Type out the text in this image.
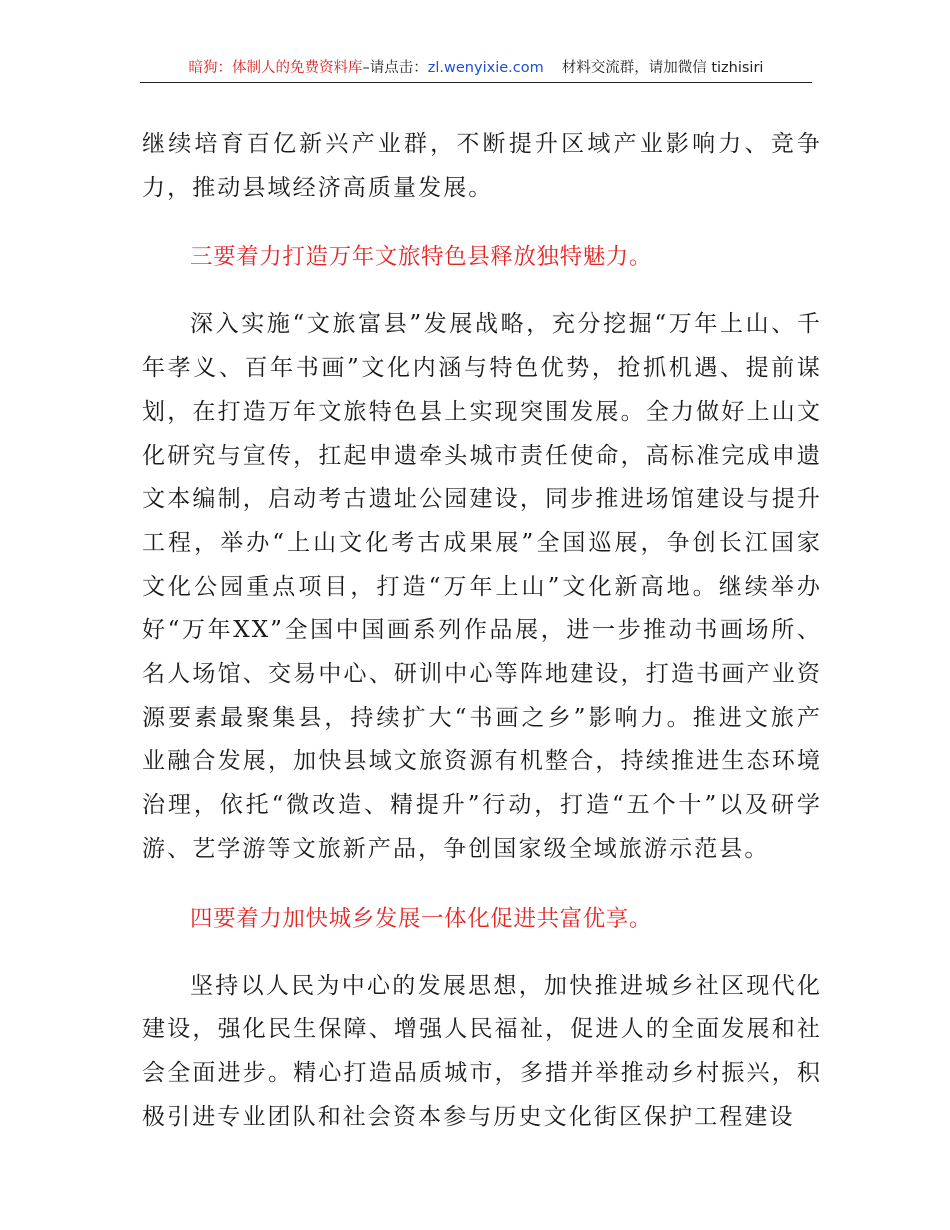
暗狗：体制人的免费资料库–请点击：zl.wenyixie.com 材料交流群，请加微信 tizhisiri

继续培育百亿新兴产业群，不断提升区域产业影响力、竞争力，推动县域经济高质量发展。

三要着力打造万年文旅特色县释放独特魅力。

深入实施“文旅富县”发展战略，充分挖掘“万年上山、千年孝义、百年书画”文化内涵与特色优势，抢抓机遇、提前谋划，在打造万年文旅特色县上实现突围发展。全力做好上山文化研究与宣传，扛起申遗牵头城市责任使命，高标准完成申遗文本编制，启动考古遗址公园建设，同步推进场馆建设与提升工程，举办“上山文化考古成果展”全国巡展，争创长江国家文化公园重点项目，打造“万年上山”文化新高地。继续举办好“万年XX”全国中国画系列作品展，进一步推动书画场所、名人场馆、交易中心、研训中心等阵地建设，打造书画产业资源要素最聚集县，持续扩大“书画之乡”影响力。推进文旅产业融合发展，加快县域文旅资源有机整合，持续推进生态环境治理，依托“微改造、精提升”行动，打造“五个十”以及研学游、艺学游等文旅新产品，争创国家级全域旅游示范县。

四要着力加快城乡发展一体化促进共富优享。

坚持以人民为中心的发展思想，加快推进城乡社区现代化建设，强化民生保障、增强人民福祉，促进人的全面发展和社会全面进步。精心打造品质城市，多措并举推动乡村振兴，积极引进专业团队和社会资本参与历史文化街区保护工程建设
